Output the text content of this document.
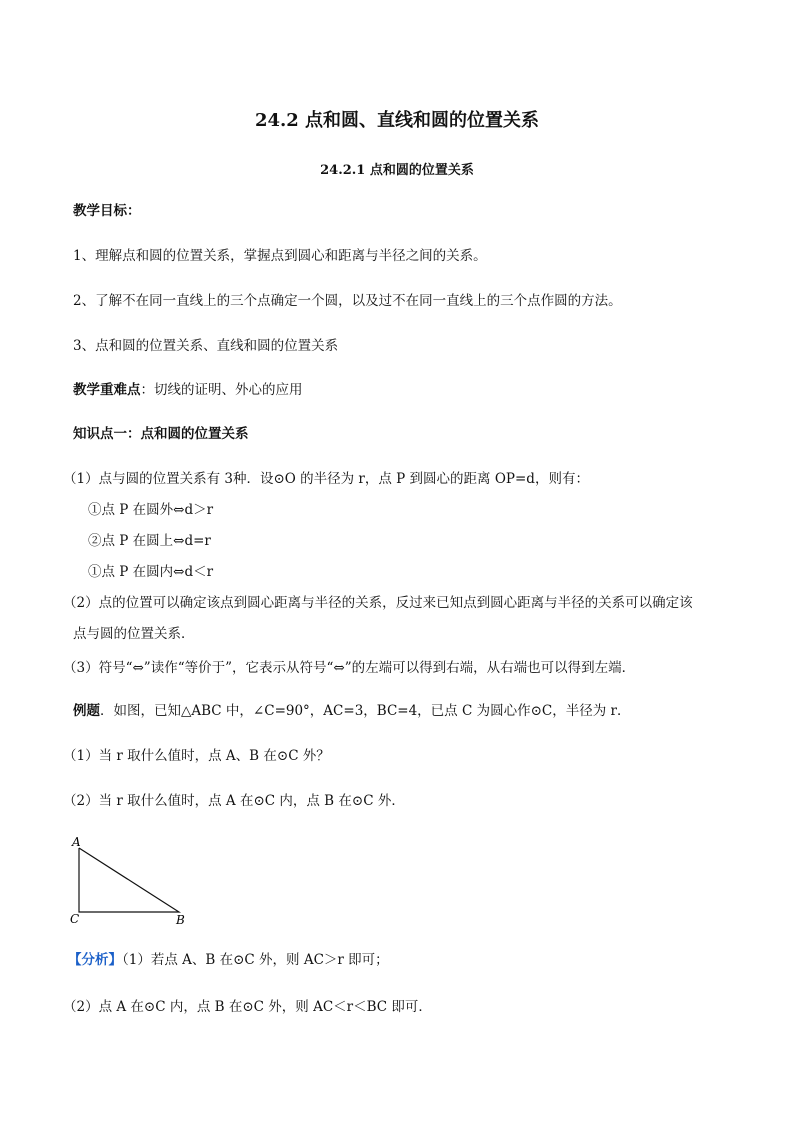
24.2 点和圆、直线和圆的位置关系
24.2.1 点和圆的位置关系
教学目标：
1、理解点和圆的位置关系，掌握点到圆心和距离与半径之间的关系。
2、了解不在同一直线上的三个点确定一个圆，以及过不在同一直线上的三个点作圆的方法。
3、点和圆的位置关系、直线和圆的位置关系
教学重难点：切线的证明、外心的应用
知识点一：点和圆的位置关系
（1）点与圆的位置关系有 3种．设⊙O 的半径为 r，点 P 到圆心的距离 OP=d，则有：
①点 P 在圆外⇔d＞r
②点 P 在圆上⇔d=r
①点 P 在圆内⇔d＜r
（2）点的位置可以确定该点到圆心距离与半径的关系，反过来已知点到圆心距离与半径的关系可以确定该
点与圆的位置关系．
（3）符号“⇔”读作“等价于”，它表示从符号“⇔”的左端可以得到右端，从右端也可以得到左端．
例题．如图，已知△ABC 中，∠C=90°，AC=3，BC=4，已点 C 为圆心作⊙C，半径为 r．
（1）当 r 取什么值时，点 A、B 在⊙C 外？
（2）当 r 取什么值时，点 A 在⊙C 内，点 B 在⊙C 外．
A
C	B
【分析】（1）若点 A、B 在⊙C 外，则 AC＞r 即可；
（2）点 A 在⊙C 内，点 B 在⊙C 外，则 AC＜r＜BC 即可．
